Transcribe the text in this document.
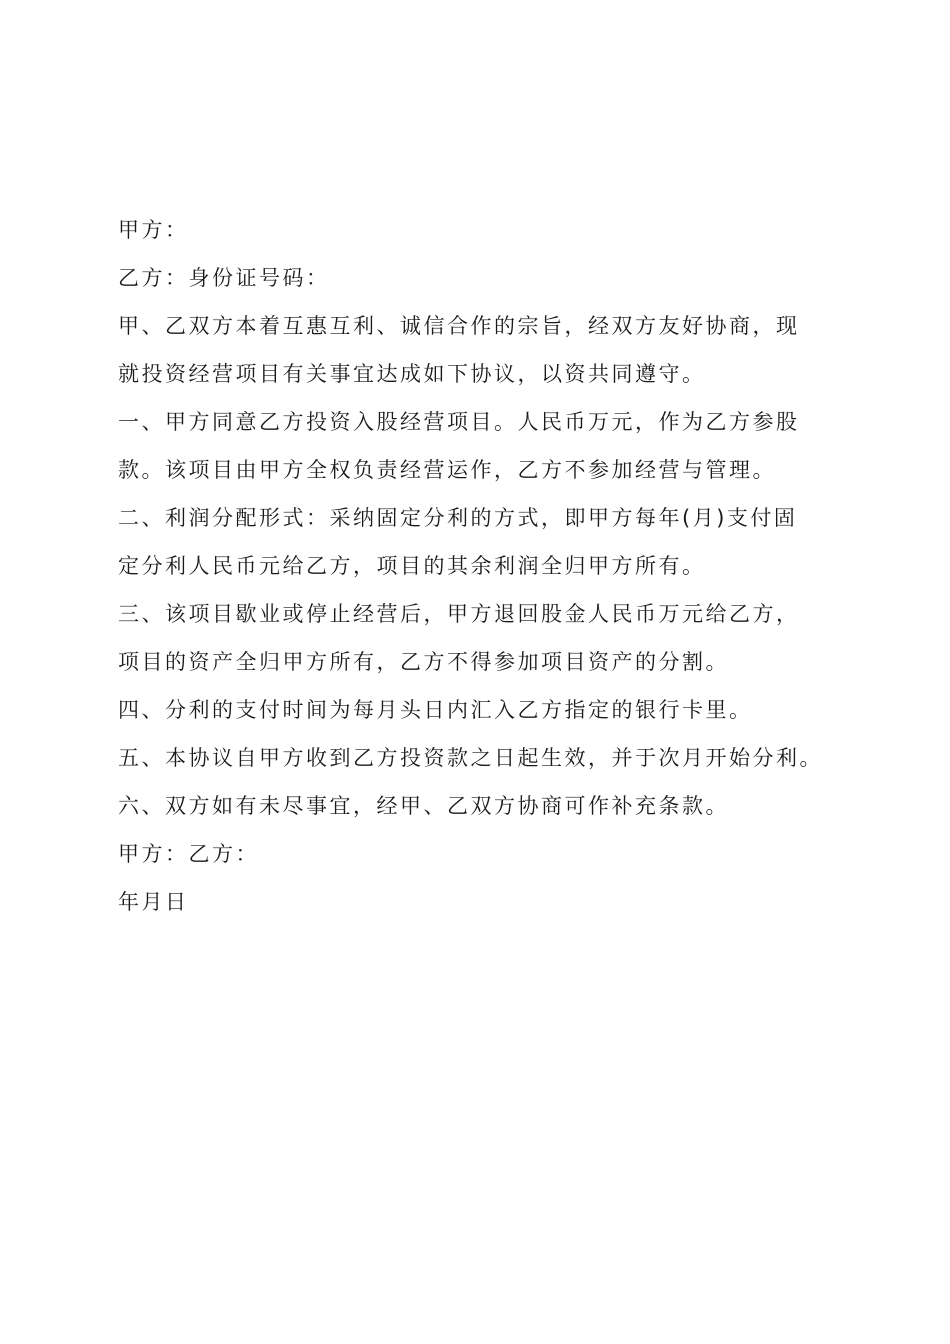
甲方：
乙方：身份证号码：
甲、乙双方本着互惠互利、诚信合作的宗旨，经双方友好协商，现
就投资经营项目有关事宜达成如下协议，以资共同遵守。
一、甲方同意乙方投资入股经营项目。人民币万元，作为乙方参股
款。该项目由甲方全权负责经营运作，乙方不参加经营与管理。
二、利润分配形式：采纳固定分利的方式，即甲方每年(月)支付固
定分利人民币元给乙方，项目的其余利润全归甲方所有。
三、该项目歇业或停止经营后，甲方退回股金人民币万元给乙方，
项目的资产全归甲方所有，乙方不得参加项目资产的分割。
四、分利的支付时间为每月头日内汇入乙方指定的银行卡里。
五、本协议自甲方收到乙方投资款之日起生效，并于次月开始分利。
六、双方如有未尽事宜，经甲、乙双方协商可作补充条款。
甲方：乙方：
年月日
